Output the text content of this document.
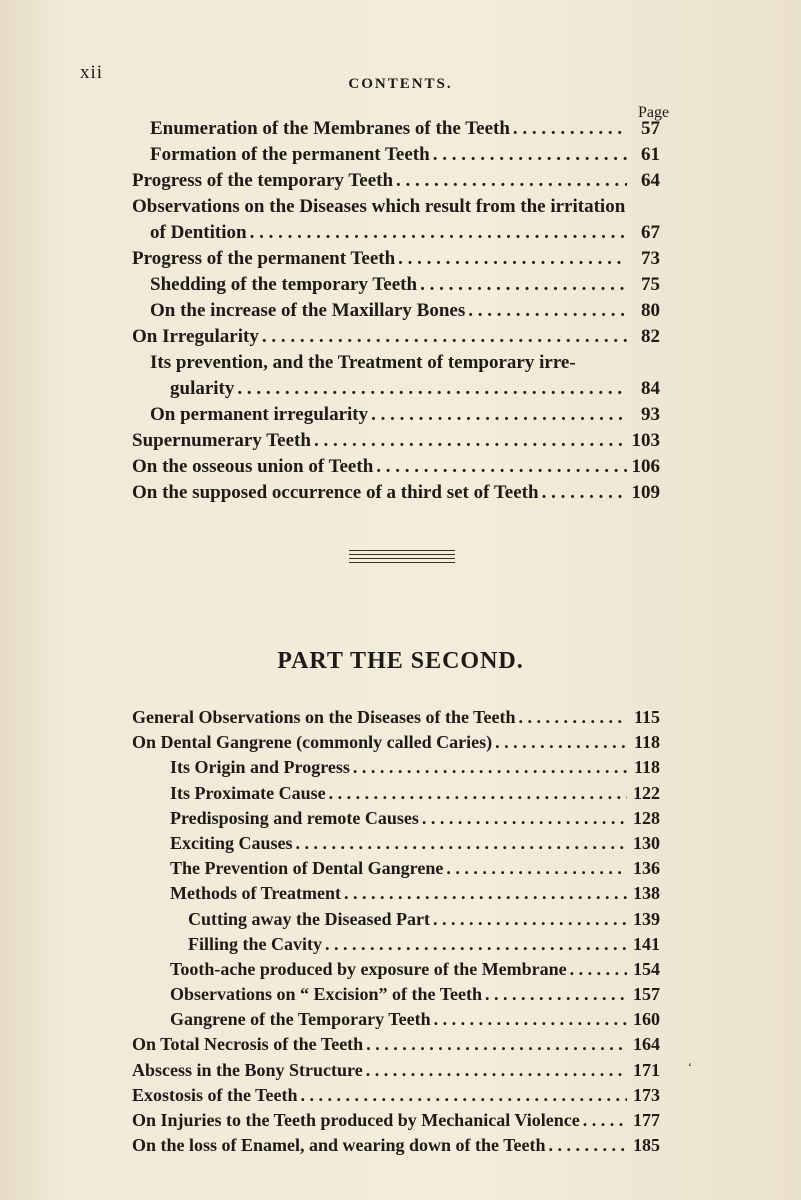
xii
CONTENTS.
Page
Enumeration of the Membranes of the Teeth . . .	57
Formation of the permanent Teeth . . .	61
Progress of the temporary Teeth . . .	64
Observations on the Diseases which result from the irritation
of Dentition . . .	67
Progress of the permanent Teeth . . .	73
Shedding of the temporary Teeth . . .	75
On the increase of the Maxillary Bones . . .	80
On Irregularity . . .	82
Its prevention, and the Treatment of temporary irre-
gularity . . .	84
On permanent irregularity . . .	93
Supernumerary Teeth . . .	103
On the osseous union of Teeth . . .	106
On the supposed occurrence of a third set of Teeth . . .	109
PART THE SECOND.
General Observations on the Diseases of the Teeth . . .	115
On Dental Gangrene (commonly called Caries) . . .	118
Its Origin and Progress . . .	118
Its Proximate Cause . . .	122
Predisposing and remote Causes . . .	128
Exciting Causes . . .	130
The Prevention of Dental Gangrene . . .	136
Methods of Treatment . . .	138
Cutting away the Diseased Part . . .	139
Filling the Cavity . . .	141
Tooth-ache produced by exposure of the Membrane . . .	154
Observations on “ Excision” of the Teeth . . .	157
Gangrene of the Temporary Teeth . . .	160
On Total Necrosis of the Teeth . . .	164
Abscess in the Bony Structure . . .	171
Exostosis of the Teeth . . .	173
On Injuries to the Teeth produced by Mechanical Violence . . .	177
On the loss of Enamel, and wearing down of the Teeth . . .	185
‘
